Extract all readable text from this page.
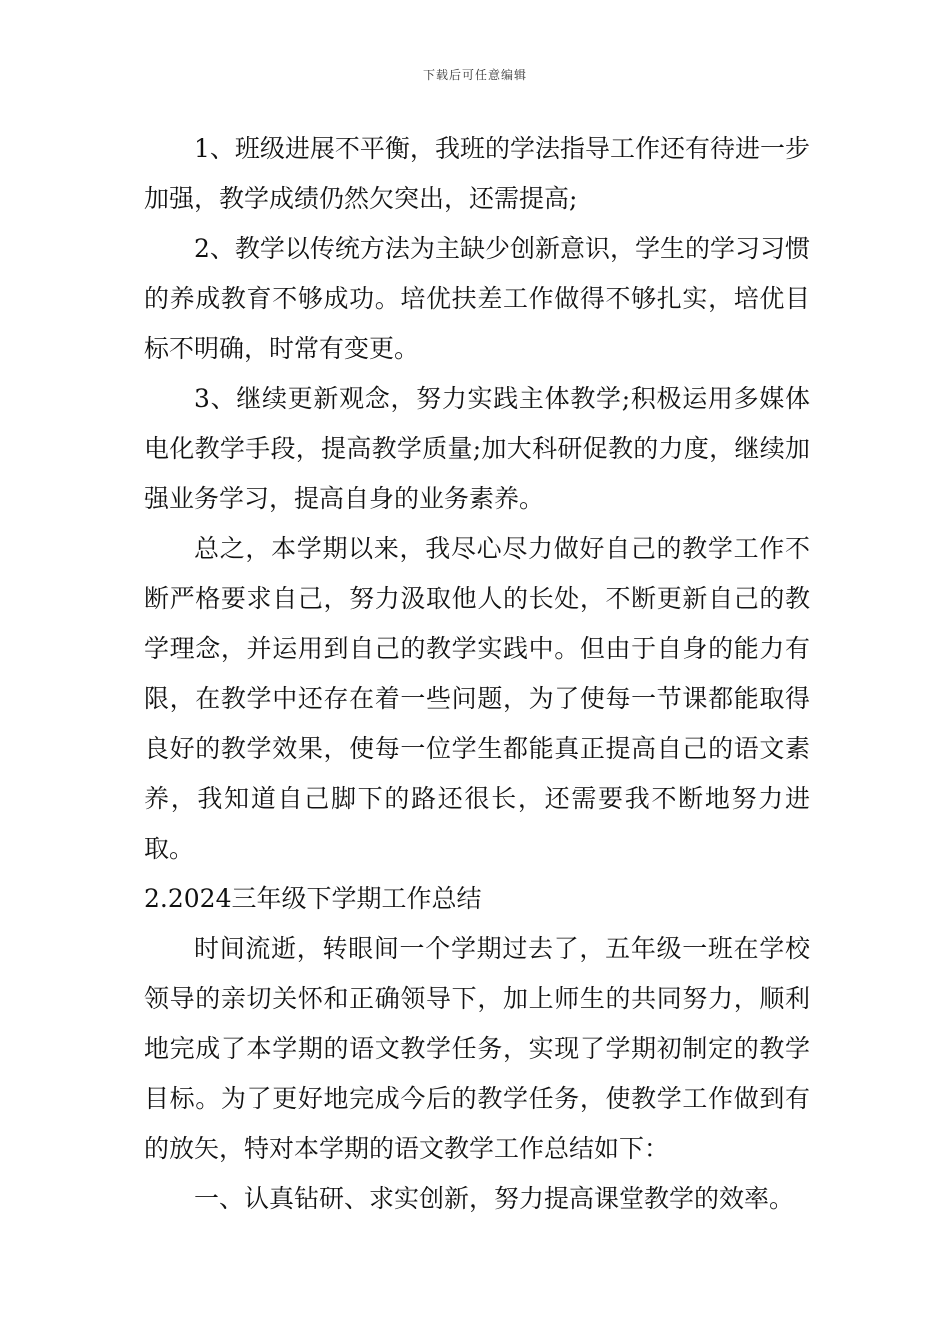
下载后可任意编辑

1、班级进展不平衡，我班的学法指导工作还有待进一步加强，教学成绩仍然欠突出，还需提高;

2、教学以传统方法为主缺少创新意识，学生的学习习惯的养成教育不够成功。培优扶差工作做得不够扎实，培优目标不明确，时常有变更。

3、继续更新观念，努力实践主体教学;积极运用多媒体电化教学手段，提高教学质量;加大科研促教的力度，继续加强业务学习，提高自身的业务素养。

总之，本学期以来，我尽心尽力做好自己的教学工作不断严格要求自己，努力汲取他人的长处，不断更新自己的教学理念，并运用到自己的教学实践中。但由于自身的能力有限，在教学中还存在着一些问题，为了使每一节课都能取得良好的教学效果，使每一位学生都能真正提高自己的语文素养，我知道自己脚下的路还很长，还需要我不断地努力进取。

2.2024三年级下学期工作总结

时间流逝，转眼间一个学期过去了，五年级一班在学校领导的亲切关怀和正确领导下，加上师生的共同努力，顺利地完成了本学期的语文教学任务，实现了学期初制定的教学目标。为了更好地完成今后的教学任务，使教学工作做到有的放矢，特对本学期的语文教学工作总结如下：

一、认真钻研、求实创新，努力提高课堂教学的效率。
